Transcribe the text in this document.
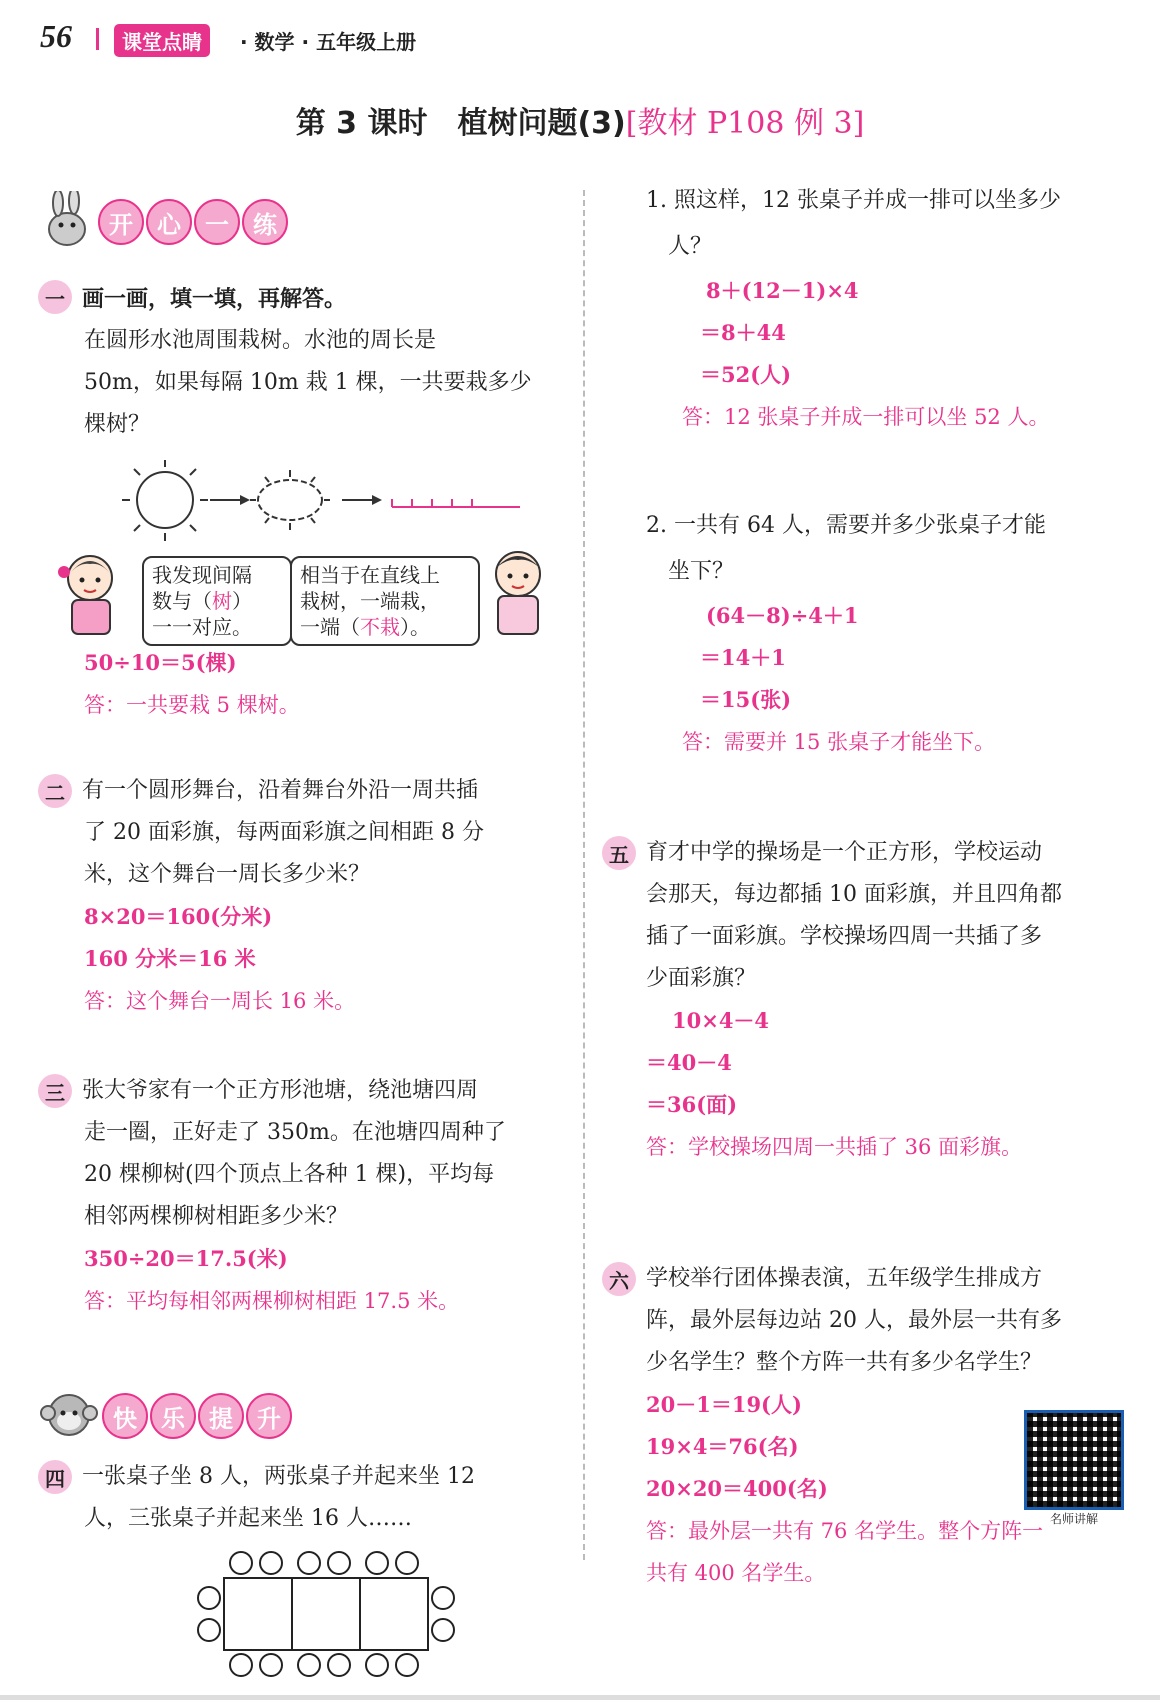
56	课堂点睛	· 数学 · 五年级上册
第 3 课时　植树问题(3)[教材 P108 例 3]
开	心	一	练
一 画一画，填一填，再解答。
在圆形水池周围栽树。水池的周长是
50m，如果每隔 10m 栽 1 棵，一共要栽多少
棵树？
我发现间隔
数与（树）
一一对应。
相当于在直线上
栽树，一端栽，
一端（不栽）。
50÷10＝5(棵)
答：一共要栽 5 棵树。
二 有一个圆形舞台，沿着舞台外沿一周共插
了 20 面彩旗，每两面彩旗之间相距 8 分
米，这个舞台一周长多少米？
8×20＝160(分米)
160 分米＝16 米
答：这个舞台一周长 16 米。
三 张大爷家有一个正方形池塘，绕池塘四周
走一圈，正好走了 350m。在池塘四周种了
20 棵柳树(四个顶点上各种 1 棵)，平均每
相邻两棵柳树相距多少米？
350÷20＝17.5(米)
答：平均每相邻两棵柳树相距 17.5 米。
快	乐	提	升
四 一张桌子坐 8 人，两张桌子并起来坐 12
人，三张桌子并起来坐 16 人……
1. 照这样，12 张桌子并成一排可以坐多少
　人？
8＋(12－1)×4
＝8＋44
＝52(人)
答：12 张桌子并成一排可以坐 52 人。
2. 一共有 64 人，需要并多少张桌子才能
　坐下？
(64－8)÷4＋1
＝14＋1
＝15(张)
答：需要并 15 张桌子才能坐下。
五 育才中学的操场是一个正方形，学校运动
会那天，每边都插 10 面彩旗，并且四角都
插了一面彩旗。学校操场四周一共插了多
少面彩旗？
10×4－4
＝40－4
＝36(面)
答：学校操场四周一共插了 36 面彩旗。
六 学校举行团体操表演，五年级学生排成方
阵，最外层每边站 20 人，最外层一共有多
少名学生？整个方阵一共有多少名学生？
20－1＝19(人)
19×4＝76(名)
20×20＝400(名)
答：最外层一共有 76 名学生。整个方阵一
共有 400 名学生。
名师讲解
